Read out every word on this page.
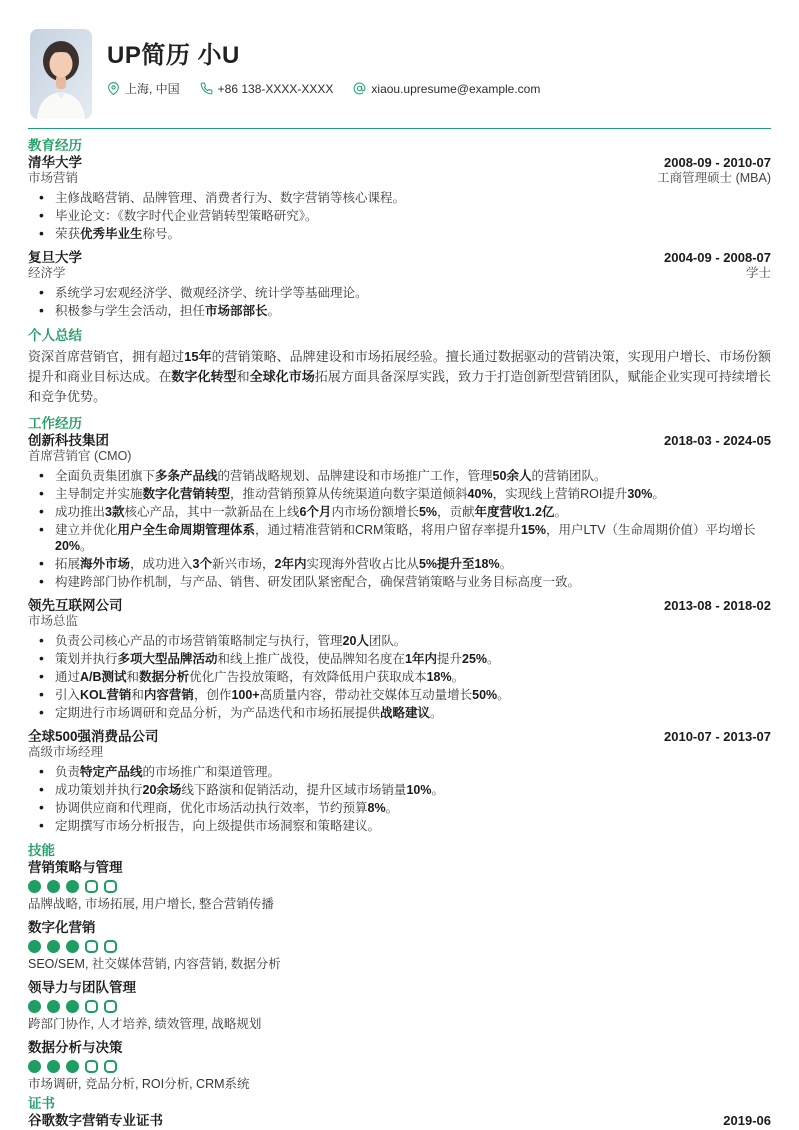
UP简历 小U
上海, 中国	+86 138-XXXX-XXXX	xiaou.upresume@example.com
教育经历
清华大学	2008-09 - 2010-07
市场营销	工商管理硕士 (MBA)
• 主修战略营销、品牌管理、消费者行为、数字营销等核心课程。
• 毕业论文：《数字时代企业营销转型策略研究》。
• 荣获优秀毕业生称号。
复旦大学	2004-09 - 2008-07
经济学	学士
• 系统学习宏观经济学、微观经济学、统计学等基础理论。
• 积极参与学生会活动，担任市场部部长。
个人总结

资深首席营销官，拥有超过15年的营销策略、品牌建设和市场拓展经验。擅长通过数据驱动的营销决策，实现用户增长、市场份额提升和商业目标达成。在数字化转型和全球化市场拓展方面具备深厚实践，致力于打造创新型营销团队，赋能企业实现可持续增长和竞争优势。

工作经历
创新科技集团	2018-03 - 2024-05
首席营销官 (CMO)
• 全面负责集团旗下多条产品线的营销战略规划、品牌建设和市场推广工作，管理50余人的营销团队。
• 主导制定并实施数字化营销转型，推动营销预算从传统渠道向数字渠道倾斜40%，实现线上营销ROI提升30%。
• 成功推出3款核心产品，其中一款新品在上线6个月内市场份额增长5%，贡献年度营收1.2亿。
• 建立并优化用户全生命周期管理体系，通过精准营销和CRM策略，将用户留存率提升15%，用户LTV（生命周期价值）平均增长20%。
• 拓展海外市场，成功进入3个新兴市场，2年内实现海外营收占比从5%提升至18%。
• 构建跨部门协作机制，与产品、销售、研发团队紧密配合，确保营销策略与业务目标高度一致。
领先互联网公司	2013-08 - 2018-02
市场总监
• 负责公司核心产品的市场营销策略制定与执行，管理20人团队。
• 策划并执行多项大型品牌活动和线上推广战役，使品牌知名度在1年内提升25%。
• 通过A/B测试和数据分析优化广告投放策略，有效降低用户获取成本18%。
• 引入KOL营销和内容营销，创作100+高质量内容，带动社交媒体互动量增长50%。
• 定期进行市场调研和竞品分析，为产品迭代和市场拓展提供战略建议。
全球500强消费品公司	2010-07 - 2013-07
高级市场经理
• 负责特定产品线的市场推广和渠道管理。
• 成功策划并执行20余场线下路演和促销活动，提升区域市场销量10%。
• 协调供应商和代理商，优化市场活动执行效率，节约预算8%。
• 定期撰写市场分析报告，向上级提供市场洞察和策略建议。
技能
营销策略与管理
品牌战略, 市场拓展, 用户增长, 整合营销传播
数字化营销
SEO/SEM, 社交媒体营销, 内容营销, 数据分析
领导力与团队管理
跨部门协作, 人才培养, 绩效管理, 战略规划
数据分析与决策
市场调研, 竞品分析, ROI分析, CRM系统
证书
谷歌数字营销专业证书	2019-06
